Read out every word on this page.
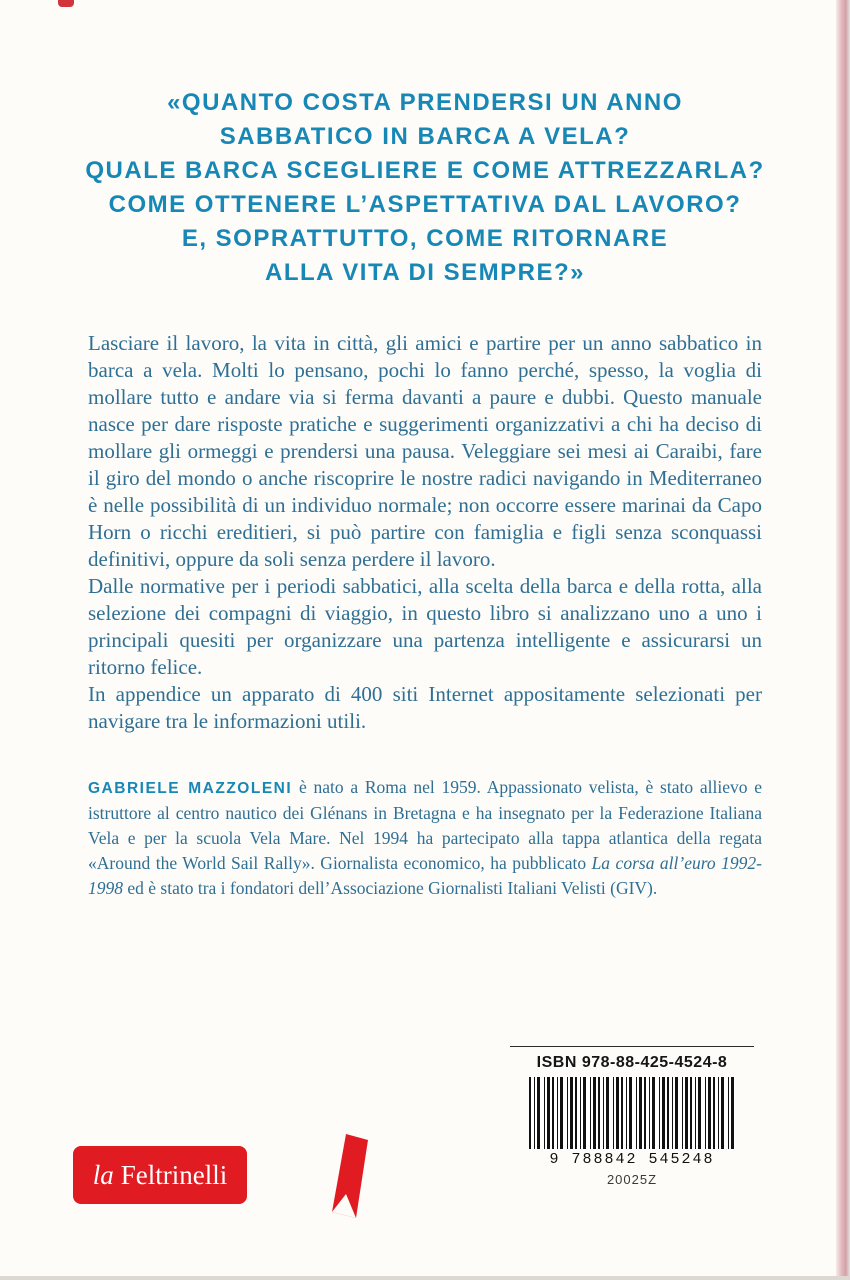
«QUANTO COSTA PRENDERSI UN ANNO
SABBATICO IN BARCA A VELA?
QUALE BARCA SCEGLIERE E COME ATTREZZARLA?
COME OTTENERE L’ASPETTATIVA DAL LAVORO?
E, SOPRATTUTTO, COME RITORNARE
ALLA VITA DI SEMPRE?»

Lasciare il lavoro, la vita in città, gli amici e partire per un anno sabbatico in barca a vela. Molti lo pensano, pochi lo fanno perché, spesso, la voglia di mollare tutto e andare via si ferma davanti a paure e dubbi. Questo manuale nasce per dare risposte pratiche e suggerimenti organizzativi a chi ha deciso di mollare gli ormeggi e prendersi una pausa. Veleggiare sei mesi ai Caraibi, fare il giro del mondo o anche riscoprire le nostre radici navigando in Mediterraneo è nelle possibilità di un individuo normale; non occorre essere marinai da Capo Horn o ricchi ereditieri, si può partire con famiglia e figli senza sconquassi definitivi, oppure da soli senza perdere il lavoro.

Dalle normative per i periodi sabbatici, alla scelta della barca e della rotta, alla selezione dei compagni di viaggio, in questo libro si analizzano uno a uno i principali quesiti per organizzare una partenza intelligente e assicurarsi un ritorno felice.

In appendice un apparato di 400 siti Internet appositamente selezionati per navigare tra le informazioni utili.

GABRIELE MAZZOLENI è nato a Roma nel 1959. Appassionato velista, è stato allievo e istruttore al centro nautico dei Glénans in Bretagna e ha insegnato per la Federazione Italiana Vela e per la scuola Vela Mare. Nel 1994 ha partecipato alla tappa atlantica della regata «Around the World Sail Rally». Giornalista economico, ha pubblicato La corsa all’euro 1992-1998 ed è stato tra i fondatori dell’Associazione Giornalisti Italiani Velisti (GIV).
ISBN 978-88-425-4524-8
9 788842 545248
20025Z
la Feltrinelli
